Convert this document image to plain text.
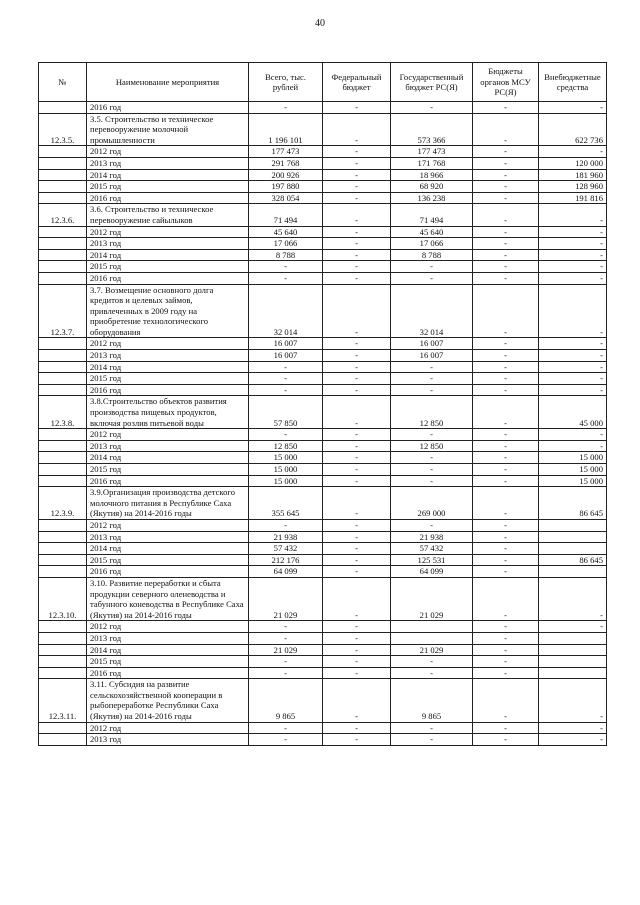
40
№	Наименование мероприятия	Всего, тыс. рублей	Федеральный бюджет	Государственный бюджет РС(Я)	Бюджеты органов МСУ РС(Я)	Внебюджетные средства
	2016 год	-	-	-	-	-
12.3.5.	3.5. Строительство и техническое перевооружение молочной промышленности	1 196 101	-	573 366	-	622 736
	2012 год	177 473	-	177 473	-	-
	2013 год	291 768	-	171 768	-	120 000
	2014 год	200 926	-	18 966	-	181 960
	2015 год	197 880	-	68 920	-	128 960
	2016 год	328 054	-	136 238	-	191 816
12.3.6.	3.6. Строительство и техническое перевооружение сайылыков	71 494	-	71 494	-	-
	2012 год	45 640	-	45 640	-	-
	2013 год	17 066	-	17 066	-	-
	2014 год	8 788	-	8 788	-	-
	2015 год	-	-	-	-	-
	2016 год	-	-	-	-	-
12.3.7.	3.7. Возмещение основного долга кредитов и целевых займов, привлеченных в 2009 году на приобретение технологического оборудования	32 014	-	32 014	-	-
	2012 год	16 007	-	16 007	-	-
	2013 год	16 007	-	16 007	-	-
	2014 год	-	-	-	-	-
	2015 год	-	-	-	-	-
	2016 год	-	-	-	-	-
12.3.8.	3.8.Строительство объектов развития производства пищевых продуктов, включая розлив питьевой воды	57 850	-	12 850	-	45 000
	2012 год	-	-	-	-	-
	2013 год	12 850	-	12 850	-	-
	2014 год	15 000	-	-	-	15 000
	2015 год	15 000	-	-	-	15 000
	2016 год	15 000	-	-	-	15 000
12.3.9.	3.9.Организация производства детского молочного питания в Республике Саха (Якутия) на 2014-2016 годы	355 645	-	269 000	-	86 645
	2012 год	-	-	-	-	
	2013 год	21 938	-	21 938	-	
	2014 год	57 432	-	57 432	-	
	2015 год	212 176	-	125 531	-	86 645
	2016 год	64 099	-	64 099	-	
12.3.10.	3.10. Развитие переработки и сбыта продукции северного оленеводства и табунного коневодства в Республике Саха (Якутия) на 2014-2016 годы	21 029	-	21 029	-	-
	2012 год	-	-		-	-
	2013 год	-	-		-	
	2014 год	21 029	-	21 029	-	
	2015 год	-	-	-	-	
	2016 год	-	-	-	-	
12.3.11.	3.11. Субсидия на развитие сельскохозяйственной кооперации в рыбопереработке Республики Саха (Якутия) на 2014-2016 годы	9 865	-	9 865	-	-
	2012 год	-	-	-	-	-
	2013 год	-	-	-	-	-
